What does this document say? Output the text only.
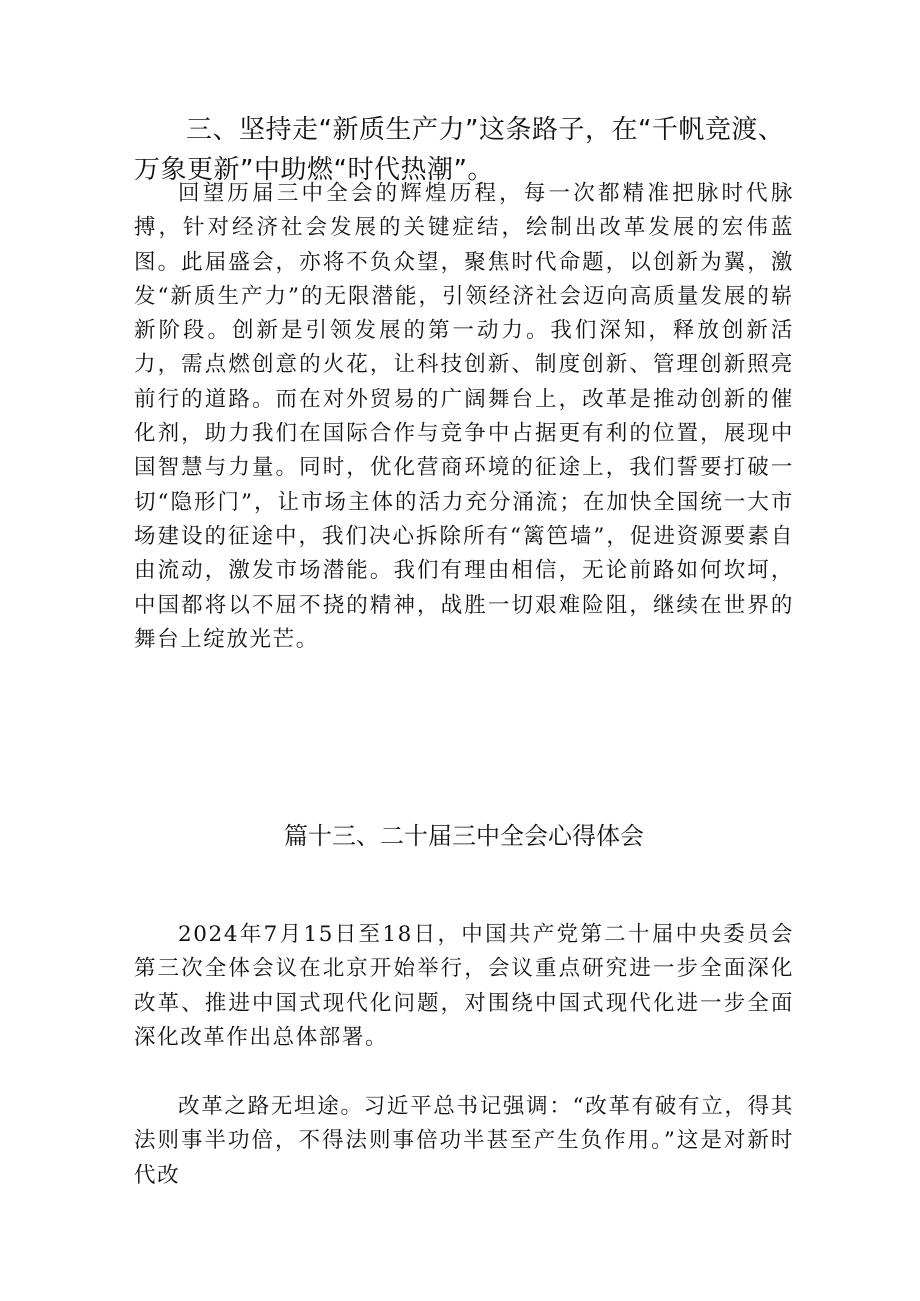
三、坚持走“新质生产力”这条路子，在“千帆竞渡、万象更新”中助燃“时代热潮”。

回望历届三中全会的辉煌历程，每一次都精准把脉时代脉搏，针对经济社会发展的关键症结，绘制出改革发展的宏伟蓝图。此届盛会，亦将不负众望，聚焦时代命题，以创新为翼，激发“新质生产力”的无限潜能，引领经济社会迈向高质量发展的崭新阶段。创新是引领发展的第一动力。我们深知，释放创新活力，需点燃创意的火花，让科技创新、制度创新、管理创新照亮前行的道路。而在对外贸易的广阔舞台上，改革是推动创新的催化剂，助力我们在国际合作与竞争中占据更有利的位置，展现中国智慧与力量。同时，优化营商环境的征途上，我们誓要打破一切“隐形门”，让市场主体的活力充分涌流；在加快全国统一大市场建设的征途中，我们决心拆除所有“篱笆墙”，促进资源要素自由流动，激发市场潜能。我们有理由相信，无论前路如何坎坷，中国都将以不屈不挠的精神，战胜一切艰难险阻，继续在世界的舞台上绽放光芒。

篇十三、二十届三中全会心得体会

2024年7月15日至18日，中国共产党第二十届中央委员会第三次全体会议在北京开始举行，会议重点研究进一步全面深化改革、推进中国式现代化问题，对围绕中国式现代化进一步全面深化改革作出总体部署。

改革之路无坦途。习近平总书记强调：“改革有破有立，得其法则事半功倍，不得法则事倍功半甚至产生负作用。”这是对新时代改
